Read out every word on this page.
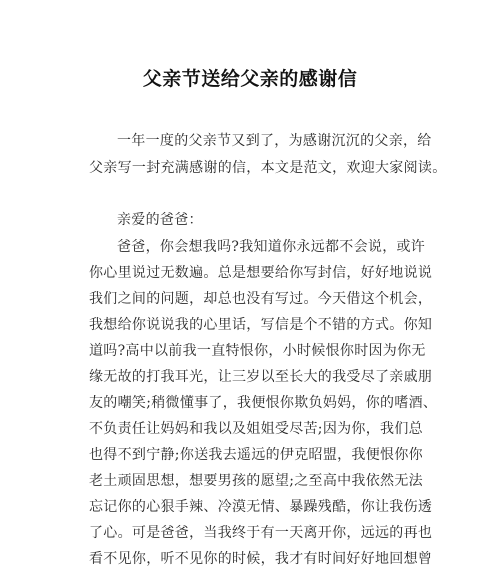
父亲节送给父亲的感谢信
一年一度的父亲节又到了，为感谢沉沉的父亲，给
父亲写一封充满感谢的信，本文是范文，欢迎大家阅读。
亲爱的爸爸：
爸爸，你会想我吗?我知道你永远都不会说，或许
你心里说过无数遍。总是想要给你写封信，好好地说说
我们之间的问题，却总也没有写过。今天借这个机会，
我想给你说说我的心里话，写信是个不错的方式。你知
道吗?高中以前我一直特恨你，小时候恨你时因为你无
缘无故的打我耳光，让三岁以至长大的我受尽了亲戚朋
友的嘲笑;稍微懂事了，我便恨你欺负妈妈，你的嗜酒、
不负责任让妈妈和我以及姐姐受尽苦;因为你，我们总
也得不到宁静;你送我去遥远的伊克昭盟，我便恨你你
老土顽固思想，想要男孩的愿望;之至高中我依然无法
忘记你的心狠手辣、冷漠无情、暴躁残酷，你让我伤透
了心。可是爸爸，当我终于有一天离开你，远远的再也
看不见你，听不见你的时候，我才有时间好好地回想曾
